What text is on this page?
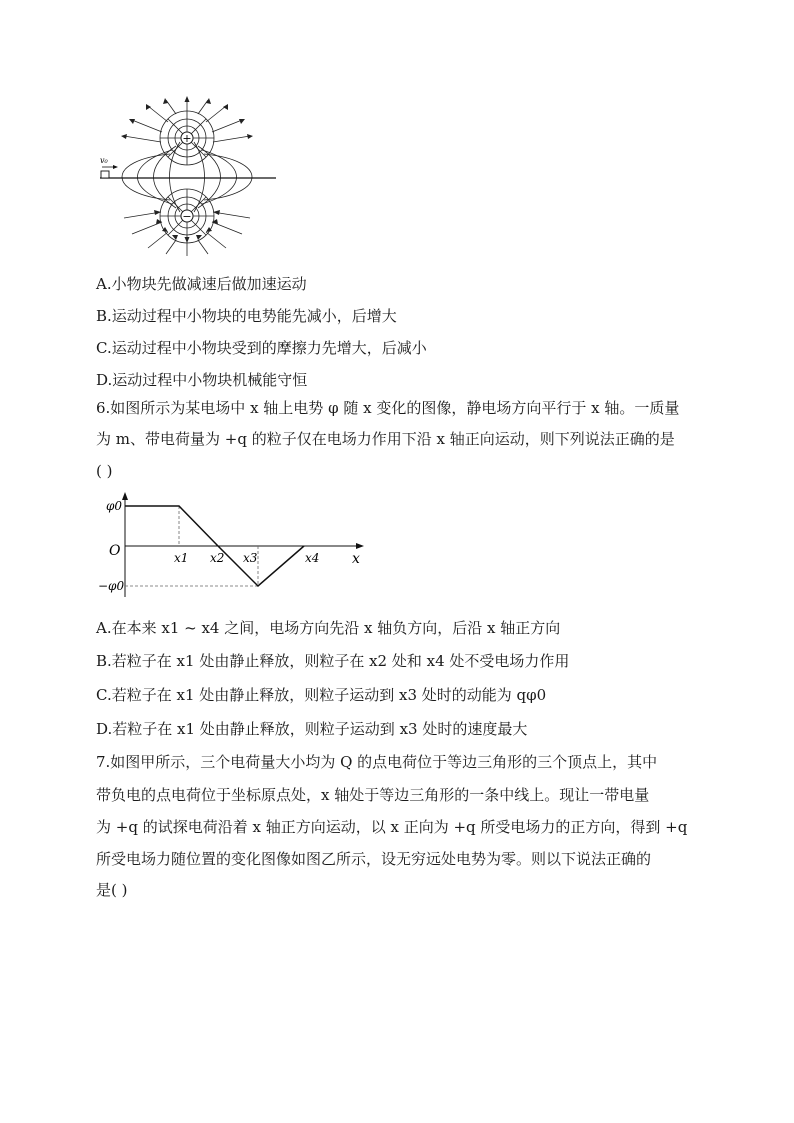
+
−
v₀
A.小物块先做减速后做加速运动
B.运动过程中小物块的电势能先减小，后增大
C.运动过程中小物块受到的摩擦力先增大，后减小
D.运动过程中小物块机械能守恒
6.如图所示为某电场中 x 轴上电势 φ 随 x 变化的图像，静电场方向平行于 x 轴。一质量
为 m、带电荷量为 +q 的粒子仅在电场力作用下沿 x 轴正向运动，则下列说法正确的是
( )
φ0
−φ0
O	x
x1 x2 x3	x4
A.在本来 x1 ~ x4 之间，电场方向先沿 x 轴负方向，后沿 x 轴正方向
B.若粒子在 x1 处由静止释放，则粒子在 x2 处和 x4 处不受电场力作用
C.若粒子在 x1 处由静止释放，则粒子运动到 x3 处时的动能为 qφ0
D.若粒子在 x1 处由静止释放，则粒子运动到 x3 处时的速度最大
7.如图甲所示，三个电荷量大小均为 Q 的点电荷位于等边三角形的三个顶点上，其中
带负电的点电荷位于坐标原点处，x 轴处于等边三角形的一条中线上。现让一带电量
为 +q 的试探电荷沿着 x 轴正方向运动，以 x 正向为 +q 所受电场力的正方向，得到 +q
所受电场力随位置的变化图像如图乙所示，设无穷远处电势为零。则以下说法正确的
是( )
